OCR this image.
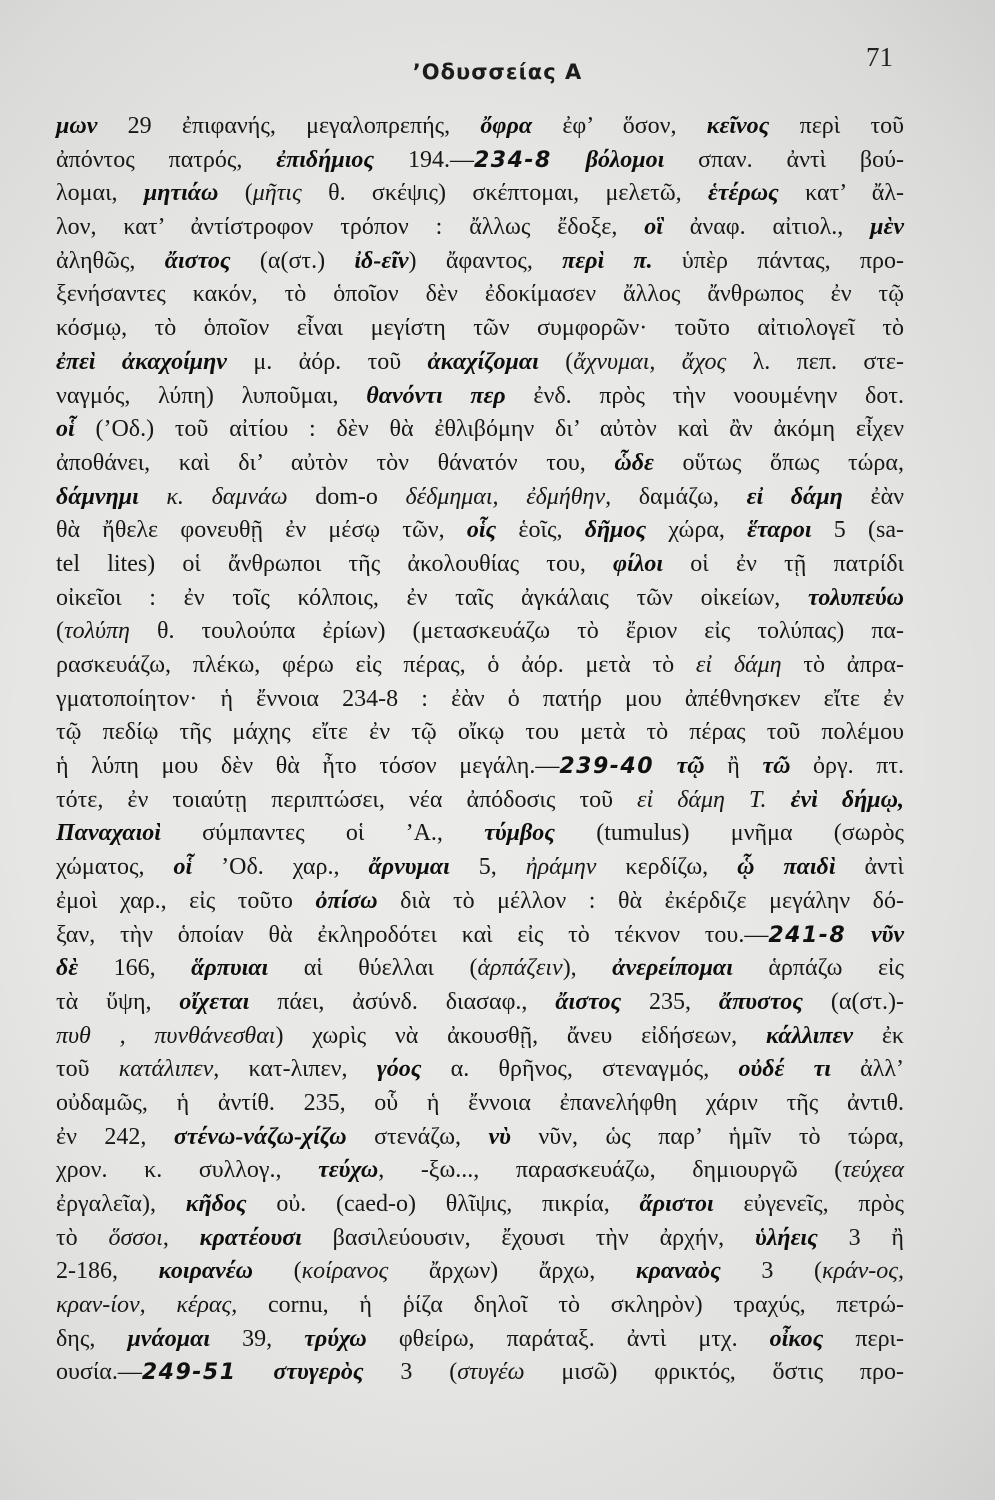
’Οδυσσείας Α	71
μων 29 ἐπιφανής, μεγαλοπρεπής, ὄφρα ἐφ’ ὅσον, κεῖνος περὶ τοῦ
ἀπόντος πατρός, ἐπιδήμιος 194.—234-8 βόλομοι σπαν. ἀντὶ βού-
λομαι, μητιάω (μῆτις θ. σκέψις) σκέπτομαι, μελετῶ, ἑτέρως κατ’ ἄλ-
λον, κατ’ ἀντίστροφον τρόπον : ἄλλως ἔδοξε, οἳ ἀναφ. αἰτιολ., μὲν
ἀληθῶς, ἄιστος (α(στ.) ἰδ-εῖν) ἄφαντος, περὶ π. ὑπὲρ πάντας, προ-
ξενήσαντες κακόν, τὸ ὁποῖον δὲν ἐδοκίμασεν ἄλλος ἄνθρωπος ἐν τῷ
κόσμῳ, τὸ ὁποῖον εἶναι μεγίστη τῶν συμφορῶν· τοῦτο αἰτιολογεῖ τὸ
ἐπεὶ ἀκαχοίμην μ. ἀόρ. τοῦ ἀκαχίζομαι (ἄχνυμαι, ἄχος λ. πεπ. στε-
ναγμός, λύπη) λυποῦμαι, θανόντι περ ἐνδ. πρὸς τὴν νοουμένην δοτ.
οἷ (’Οδ.) τοῦ αἰτίου : δὲν θὰ ἐθλιβόμην δι’ αὐτὸν καὶ ἂν ἀκόμη εἶχεν
ἀποθάνει, καὶ δι’ αὐτὸν τὸν θάνατόν του, ὧδε οὕτως ὅπως τώρα,
δάμνημι κ. δαμνάω dom-o δέδμημαι, ἐδμήθην, δαμάζω, εἰ δάμη ἐὰν
θὰ ἤθελε φονευθῇ ἐν μέσῳ τῶν, οἷς ἑοῖς, δῆμος χώρα, ἕταροι 5 (sa-
tel lites) οἱ ἄνθρωποι τῆς ἀκολουθίας του, φίλοι οἱ ἐν τῇ πατρίδι
οἰκεῖοι : ἐν τοῖς κόλποις, ἐν ταῖς ἀγκάλαις τῶν οἰκείων, τολυπεύω
(τολύπη θ. τουλούπα ἐρίων) (μετασκευάζω τὸ ἔριον εἰς τολύπας) πα-
ρασκευάζω, πλέκω, φέρω εἰς πέρας, ὁ ἀόρ. μετὰ τὸ εἰ δάμη τὸ ἀπρα-
γματοποίητον· ἡ ἔννοια 234-8 : ἐὰν ὁ πατήρ μου ἀπέθνησκεν εἴτε ἐν
τῷ πεδίῳ τῆς μάχης εἴτε ἐν τῷ οἴκῳ του μετὰ τὸ πέρας τοῦ πολέμου
ἡ λύπη μου δὲν θὰ ἦτο τόσον μεγάλη.—239-40 τῷ ἢ τῶ ὀργ. πτ.
τότε, ἐν τοιαύτῃ περιπτώσει, νέα ἀπόδοσις τοῦ εἰ δάμη Τ. ἐνὶ δήμῳ,
Παναχαιοὶ σύμπαντες οἱ ’Α., τύμβος (tumulus) μνῆμα (σωρὸς
χώματος, οἷ ’Οδ. χαρ., ἄρνυμαι 5, ἠράμην κερδίζω, ᾧ παιδὶ ἀντὶ
ἐμοὶ χαρ., εἰς τοῦτο ὀπίσω διὰ τὸ μέλλον : θὰ ἐκέρδιζε μεγάλην δό-
ξαν, τὴν ὁποίαν θὰ ἐκληροδότει καὶ εἰς τὸ τέκνον του.—241-8 νῦν
δὲ 166, ἅρπυιαι αἱ θύελλαι (ἁρπάζειν), ἀνερείπομαι ἁρπάζω εἰς
τὰ ὕψη, οἴχεται πάει, ἀσύνδ. διασαφ., ἄιστος 235, ἄπυστος (α(στ.)-
πυθ , πυνθάνεσθαι) χωρὶς νὰ ἀκουσθῇ, ἄνευ εἰδήσεων, κάλλιπεν ἐκ
τοῦ κατάλιπεν, κατ-λιπεν, γόος α. θρῆνος, στεναγμός, οὐδέ τι ἀλλ’
οὐδαμῶς, ἡ ἀντίθ. 235, οὗ ἡ ἔννοια ἐπανελήφθη χάριν τῆς ἀντιθ.
ἐν 242, στένω-νάζω-χίζω στενάζω, νὺ νῦν, ὡς παρ’ ἡμῖν τὸ τώρα,
χρον. κ. συλλογ., τεύχω, -ξω..., παρασκευάζω, δημιουργῶ (τεύχεα
ἐργαλεῖα), κῆδος οὐ. (caed-o) θλῖψις, πικρία, ἄριστοι εὐγενεῖς, πρὸς
τὸ ὅσσοι, κρατέουσι βασιλεύουσιν, ἔχουσι τὴν ἀρχήν, ὑλήεις 3 ἢ
2-186, κοιρανέω (κοίρανος ἄρχων) ἄρχω, κραναὸς 3 (κράν-ος,
κραν-ίον, κέρας, cornu, ἡ ῥίζα δηλοῖ τὸ σκληρὸν) τραχύς, πετρώ-
δης, μνάομαι 39, τρύχω φθείρω, παράταξ. ἀντὶ μτχ. οἶκος περι-
ουσία.—249-51 στυγερὸς 3 (στυγέω μισῶ) φρικτός, ὅστις προ-
